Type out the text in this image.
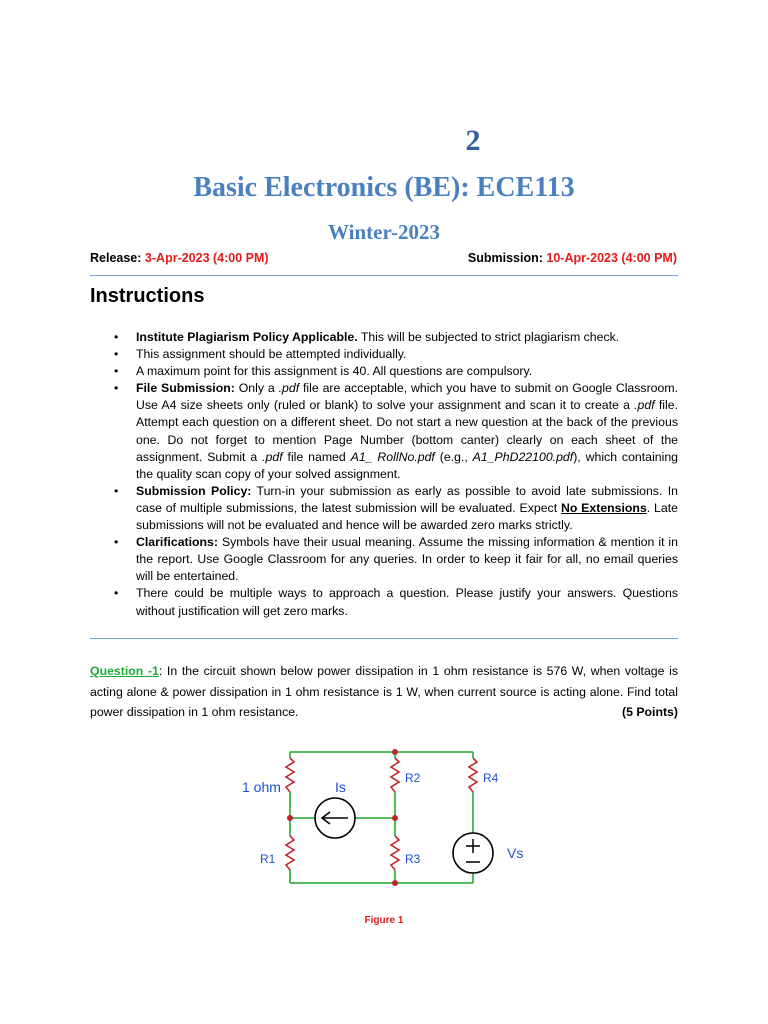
2
Basic Electronics (BE): ECE113
Winter-2023
Release: 3-Apr-2023 (4:00 PM)	Submission: 10-Apr-2023 (4:00 PM)
Instructions
• Institute Plagiarism Policy Applicable. This will be subjected to strict plagiarism check.
• This assignment should be attempted individually.
• A maximum point for this assignment is 40. All questions are compulsory.
• File Submission: Only a .pdf file are acceptable, which you have to submit on Google Classroom. Use A4 size sheets only (ruled or blank) to solve your assignment and scan it to create a .pdf file. Attempt each question on a different sheet. Do not start a new question at the back of the previous one. Do not forget to mention Page Number (bottom canter) clearly on each sheet of the assignment. Submit a .pdf file named A1_ RollNo.pdf (e.g., A1_PhD22100.pdf), which containing the quality scan copy of your solved assignment.
• Submission Policy: Turn-in your submission as early as possible to avoid late submissions. In case of multiple submissions, the latest submission will be evaluated. Expect No Extensions. Late submissions will not be evaluated and hence will be awarded zero marks strictly.
• Clarifications: Symbols have their usual meaning. Assume the missing information & mention it in the report. Use Google Classroom for any queries. In order to keep it fair for all, no email queries will be entertained.
• There could be multiple ways to approach a question. Please justify your answers. Questions without justification will get zero marks.
Question -1: In the circuit shown below power dissipation in 1 ohm resistance is 576 W, when voltage is acting alone & power dissipation in 1 ohm resistance is 1 W, when current source is acting alone. Find total power dissipation in 1 ohm resistance.	(5 Points)
1 ohm	Is
R2	R4
R1	R3	Vs
Figure 1
